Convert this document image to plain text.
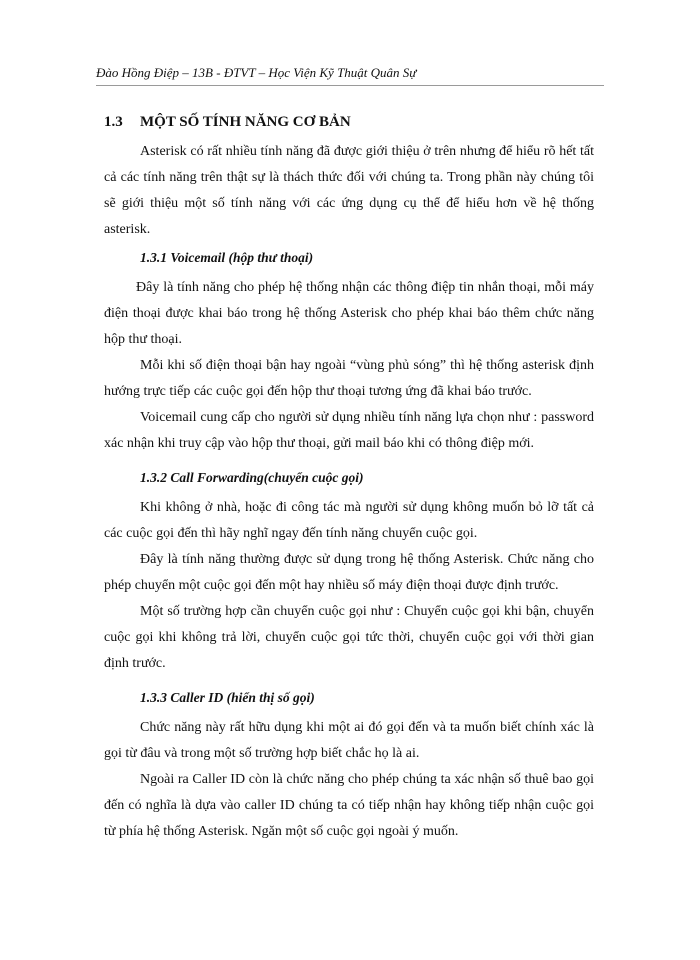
Đào Hồng Điệp – 13B - ĐTVT – Học Viện Kỹ Thuật Quân Sự
1.3 MỘT SỐ TÍNH NĂNG CƠ BẢN

Asterisk có rất nhiều tính năng đã được giới thiệu ở trên nhưng để hiểu rõ hết tất cả các tính năng trên thật sự là thách thức đối với chúng ta. Trong phần này chúng tôi sẽ giới thiệu một số tính năng với các ứng dụng cụ thể để hiểu hơn về hệ thống asterisk.

1.3.1 Voicemail (hộp thư thoại)

Đây là tính năng cho phép hệ thống nhận các thông điệp tin nhắn thoại, mỗi máy điện thoại được khai báo trong hệ thống Asterisk cho phép khai báo thêm chức năng hộp thư thoại.

Mỗi khi số điện thoại bận hay ngoài “vùng phủ sóng” thì hệ thống asterisk định hướng trực tiếp các cuộc gọi đến hộp thư thoại tương ứng đã khai báo trước.

Voicemail cung cấp cho người sử dụng nhiều tính năng lựa chọn như : password xác nhận khi truy cập vào hộp thư thoại, gửi mail báo khi có thông điệp mới.

1.3.2 Call Forwarding(chuyển cuộc gọi)

Khi không ở nhà, hoặc đi công tác mà người sử dụng không muốn bỏ lỡ tất cả các cuộc gọi đến thì hãy nghĩ ngay đến tính năng chuyển cuộc gọi.

Đây là tính năng thường được sử dụng trong hệ thống Asterisk. Chức năng cho phép chuyển một cuộc gọi đến một hay nhiều số máy điện thoại được định trước.

Một số trường hợp cần chuyển cuộc gọi như : Chuyển cuộc gọi khi bận, chuyển cuộc gọi khi không trả lời, chuyển cuộc gọi tức thời, chuyển cuộc gọi với thời gian định trước.

1.3.3 Caller ID (hiển thị số gọi)

Chức năng này rất hữu dụng khi một ai đó gọi đến và ta muốn biết chính xác là gọi từ đâu và trong một số trường hợp biết chắc họ là ai.

Ngoài ra Caller ID còn là chức năng cho phép chúng ta xác nhận số thuê bao gọi đến có nghĩa là dựa vào caller ID chúng ta có tiếp nhận hay không tiếp nhận cuộc gọi từ phía hệ thống Asterisk. Ngăn một số cuộc gọi ngoài ý muốn.
